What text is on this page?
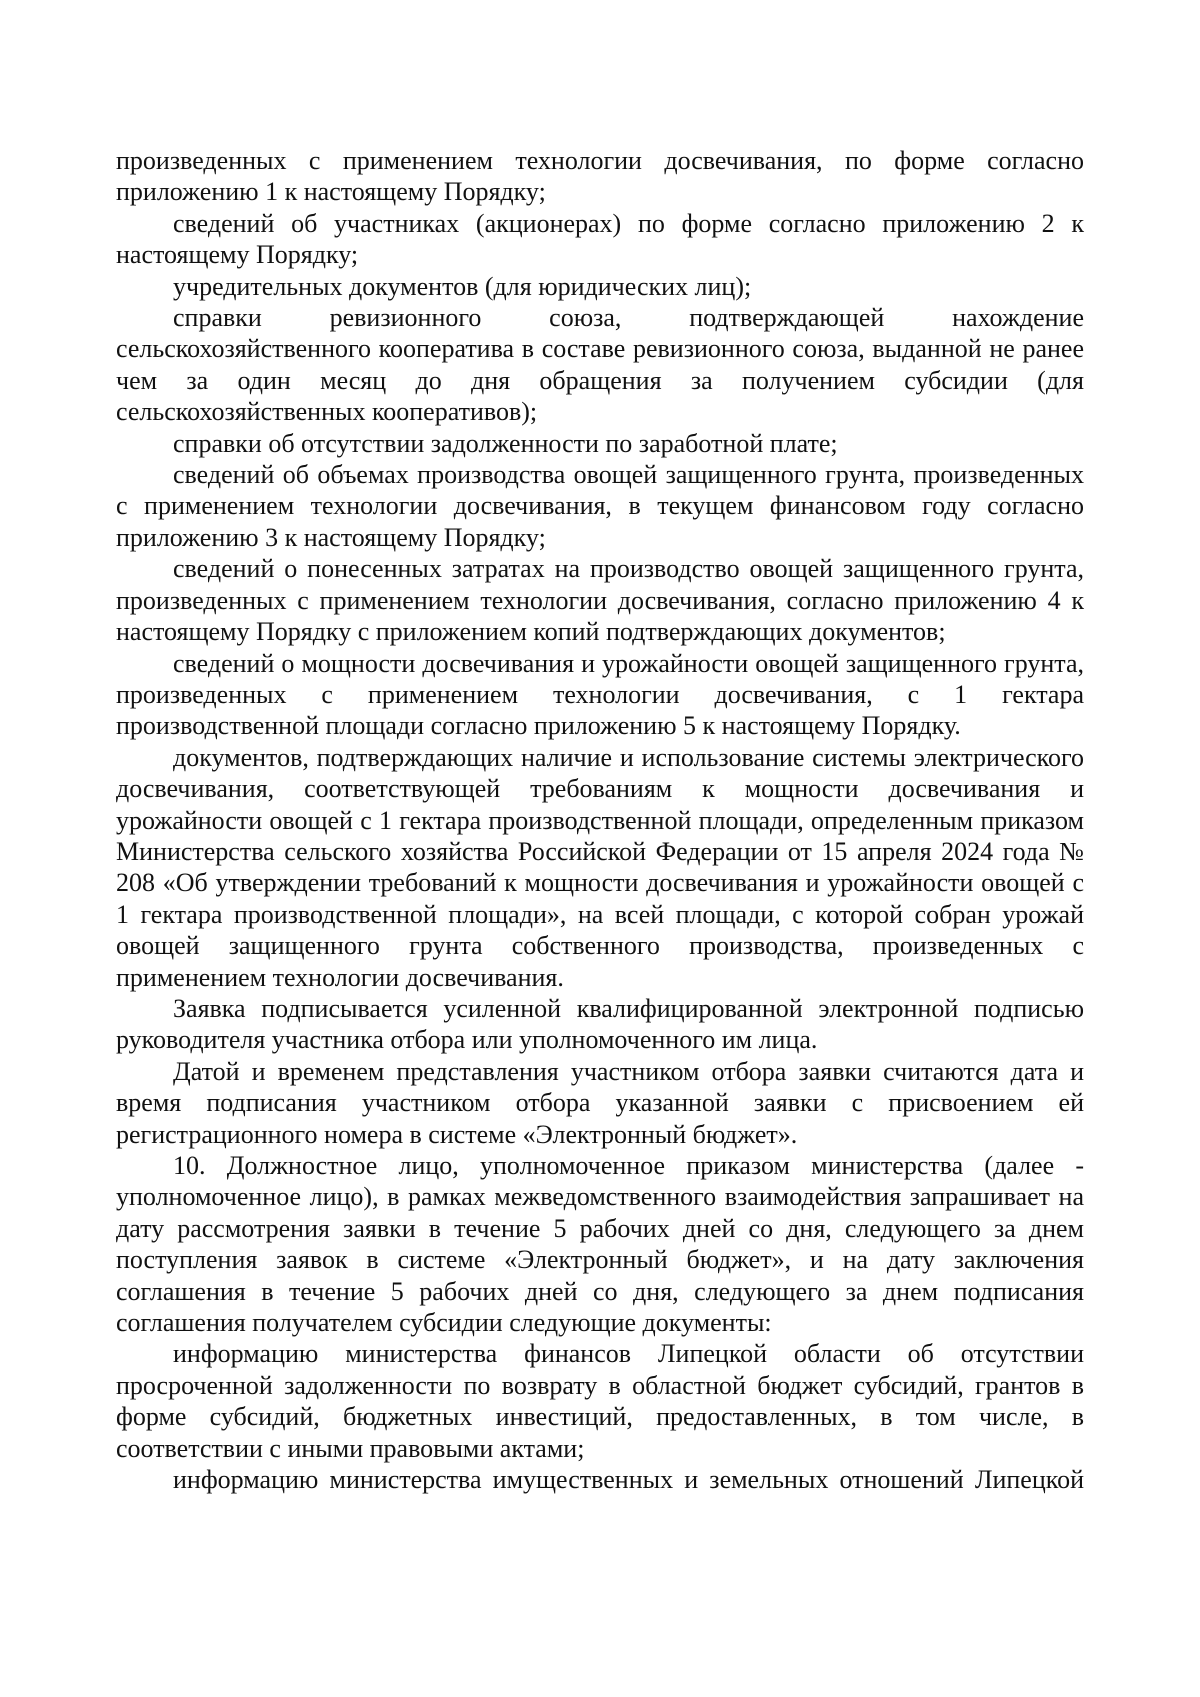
произведенных с применением технологии досвечивания, по форме согласно приложению 1 к настоящему Порядку;

сведений об участниках (акционерах) по форме согласно приложению 2 к настоящему Порядку;

учредительных документов (для юридических лиц);

справки ревизионного союза, подтверждающей нахождение сельскохозяйственного кооператива в составе ревизионного союза, выданной не ранее чем за один месяц до дня обращения за получением субсидии (для сельскохозяйственных кооперативов);

справки об отсутствии задолженности по заработной плате;

сведений об объемах производства овощей защищенного грунта, произведенных с применением технологии досвечивания, в текущем финансовом году согласно приложению 3 к настоящему Порядку;

сведений о понесенных затратах на производство овощей защищенного грунта, произведенных с применением технологии досвечивания, согласно приложению 4 к настоящему Порядку с приложением копий подтверждающих документов;

сведений о мощности досвечивания и урожайности овощей защищенного грунта, произведенных с применением технологии досвечивания, с 1 гектара производственной площади согласно приложению 5 к настоящему Порядку.

документов, подтверждающих наличие и использование системы электрического досвечивания, соответствующей требованиям к мощности досвечивания и урожайности овощей с 1 гектара производственной площади, определенным приказом Министерства сельского хозяйства Российской Федерации от 15 апреля 2024 года № 208 «Об утверждении требований к мощности досвечивания и урожайности овощей с 1 гектара производственной площади», на всей площади, с которой собран урожай овощей защищенного грунта собственного производства, произведенных с применением технологии досвечивания.

Заявка подписывается усиленной квалифицированной электронной подписью руководителя участника отбора или уполномоченного им лица.

Датой и временем представления участником отбора заявки считаются дата и время подписания участником отбора указанной заявки с присвоением ей регистрационного номера в системе «Электронный бюджет».

10. Должностное лицо, уполномоченное приказом министерства (далее - уполномоченное лицо), в рамках межведомственного взаимодействия запрашивает на дату рассмотрения заявки в течение 5 рабочих дней со дня, следующего за днем поступления заявок в системе «Электронный бюджет», и на дату заключения соглашения в течение 5 рабочих дней со дня, следующего за днем подписания соглашения получателем субсидии следующие документы:

информацию министерства финансов Липецкой области об отсутствии просроченной задолженности по возврату в областной бюджет субсидий, грантов в форме субсидий, бюджетных инвестиций, предоставленных, в том числе, в соответствии с иными правовыми актами;

информацию министерства имущественных и земельных отношений Липецкой
